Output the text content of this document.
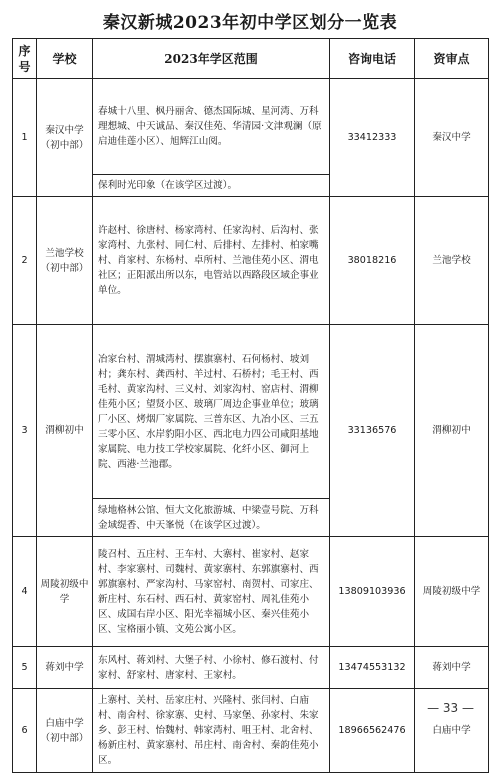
秦汉新城2023年初中学区划分一览表
序
号	学校	2023年学区范围	咨询电话	资审点
1	秦汉中学（初中部）	春城十八里、枫丹丽舍、德杰国际城、星河湾、万科理想城、中天诚品、秦汉佳苑、华清园·文津观澜（原启迪佳莲小区）、旭辉江山阅。	33412333	秦汉中学
		保利时光印象（在该学区过渡）。		
2	兰池学校（初中部）	许赵村、徐唐村、杨家湾村、任家沟村、后沟村、张家湾村、九张村、同仁村、后排村、左排村、柏家嘴村、肖家村、东杨村、卓所村、兰池佳苑小区、渭电社区；正阳派出所以东，电管站以西路段区域企事业单位。	38018216	兰池学校
3	渭柳初中	冶家台村、渭城湾村、摆旗寨村、石何杨村、坡刘村；龚东村、龚西村、羊过村、石桥村；毛王村、西毛村、黄家沟村、三义村、刘家沟村、窑店村、渭柳佳苑小区；望贤小区、玻璃厂周边企事业单位；玻璃厂小区、烤烟厂家属院、三普东区、九冶小区、三五三零小区、水岸豹阳小区、西北电力四公司咸阳基地家属院、电力技工学校家属院、化纤小区、御河上院、西港·兰池郡。	33136576	渭柳初中
		绿地格林公馆、恒大文化旅游城、中梁壹号院、万科金域缇香、中天峯悦（在该学区过渡）。		
4	周陵初级中学	陵召村、五庄村、王车村、大寨村、崔家村、赵家村、李家寨村、司魏村、黄家寨村、东郭旗寨村、西郭旗寨村、严家沟村、马家窑村、南贺村、司家庄、新庄村、东石村、西石村、黄家窑村、周礼佳苑小区、成国右岸小区、阳光幸福城小区、秦兴佳苑小区、宝格丽小镇、文苑公寓小区。	13809103936	周陵初级中学
5	蒋刘中学	东风村、蒋刘村、大堡子村、小徐村、修石渡村、付家村、舒家村、唐家村、王家村。	13474553132	蒋刘中学
6	白庙中学（初中部）	上寨村、关村、岳家庄村、兴隆村、张闫村、白庙村、南舍村、徐家寨、史村、马家堡、孙家村、朱家乡、彭王村、怡魏村、韩家湾村、咀王村、北舍村、杨新庄村、黄家寨村、吊庄村、南舍村、秦韵佳苑小区。	18966562476	白庙中学
— 33 —
